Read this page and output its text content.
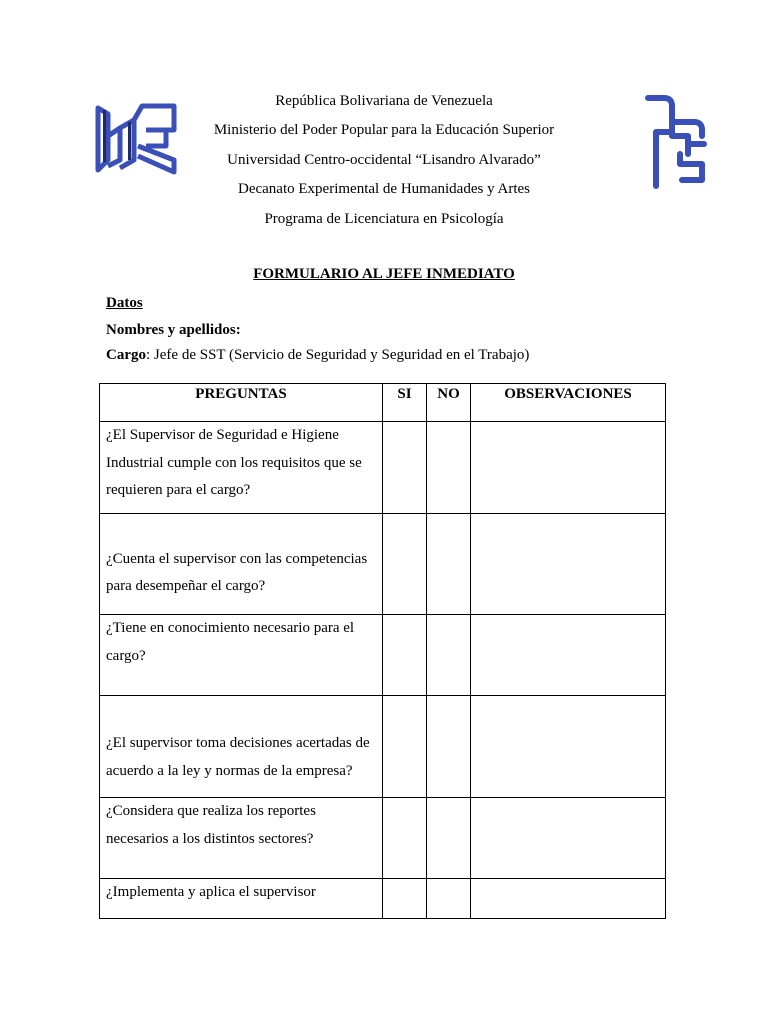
República Bolivariana de Venezuela
Ministerio del Poder Popular para la Educación Superior
Universidad Centro-occidental “Lisandro Alvarado”
Decanato Experimental de Humanidades y Artes
Programa de Licenciatura en Psicología
FORMULARIO AL JEFE INMEDIATO
Datos
Nombres y apellidos:
Cargo: Jefe de SST (Servicio de Seguridad y Seguridad en el Trabajo)
PREGUNTAS	SI	NO	OBSERVACIONES

¿El Supervisor de Seguridad e Higiene Industrial cumple con los requisitos que se requieren para el cargo?			

¿Cuenta el supervisor con las competencias para desempeñar el cargo?			

¿Tiene en conocimiento necesario para el cargo?			

¿El supervisor toma decisiones acertadas de acuerdo a la ley y normas de la empresa?			

¿Considera que realiza los reportes necesarios a los distintos sectores?			

¿Implementa y aplica el supervisor			
